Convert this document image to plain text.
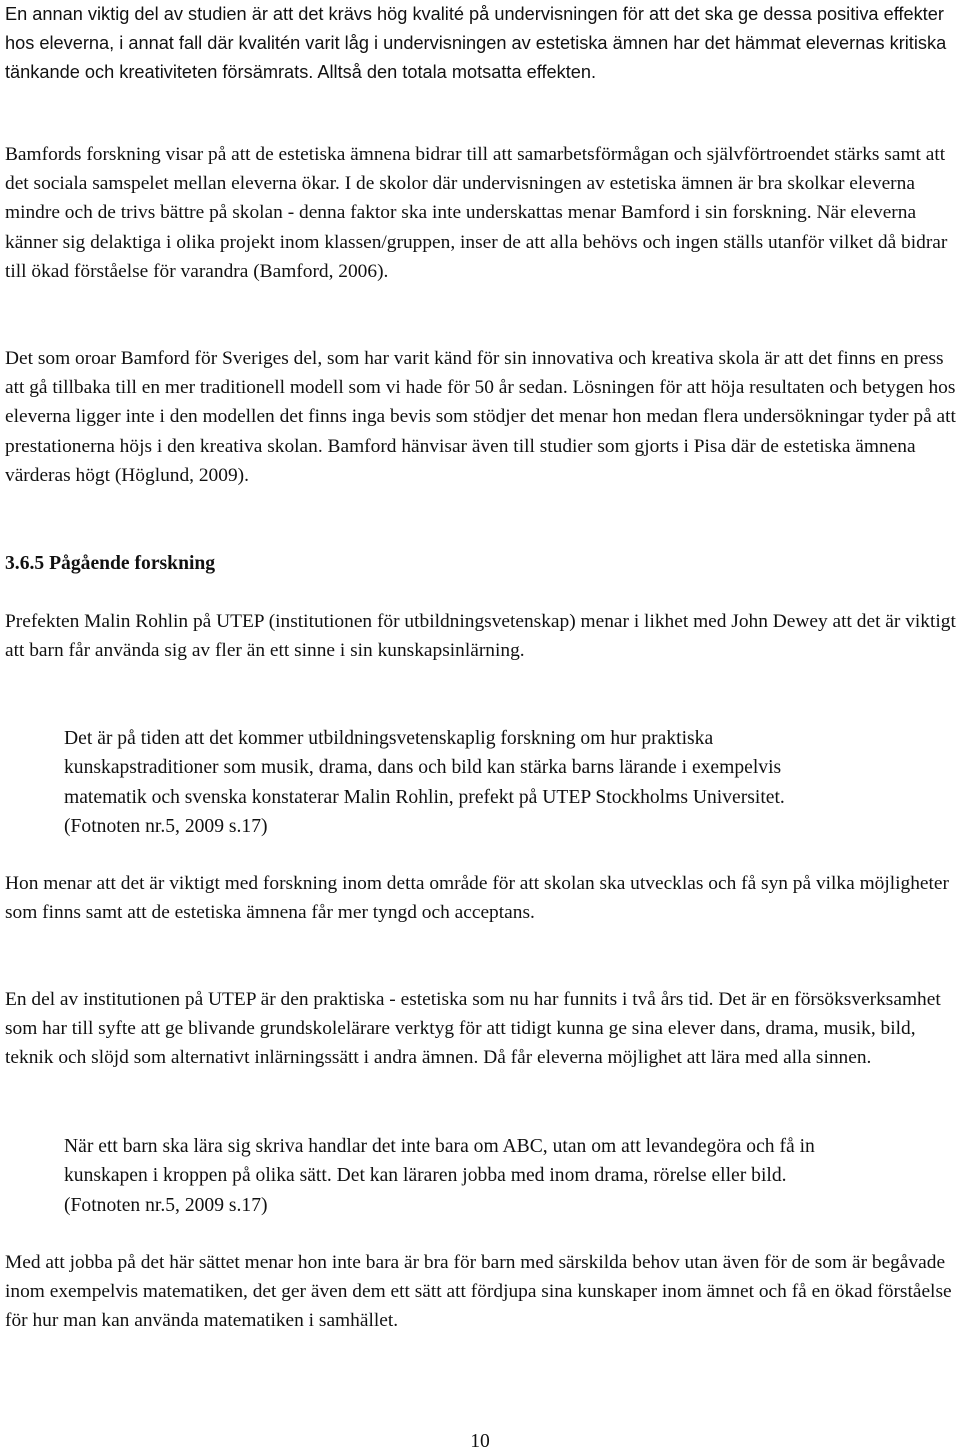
En annan viktig del av studien är att det krävs hög kvalité på undervisningen för att det ska ge dessa positiva effekter hos eleverna, i annat fall där kvalitén varit låg i undervisningen av estetiska ämnen har det hämmat elevernas kritiska tänkande och kreativiteten försämrats. Alltså den totala motsatta effekten.

Bamfords forskning visar på att de estetiska ämnena bidrar till att samarbetsförmågan och självförtroendet stärks samt att det sociala samspelet mellan eleverna ökar. I de skolor där undervisningen av estetiska ämnen är bra skolkar eleverna mindre och de trivs bättre på skolan - denna faktor ska inte underskattas menar Bamford i sin forskning. När eleverna känner sig delaktiga i olika projekt inom klassen/gruppen, inser de att alla behövs och ingen ställs utanför vilket då bidrar till ökad förståelse för varandra (Bamford, 2006).

Det som oroar Bamford för Sveriges del, som har varit känd för sin innovativa och kreativa skola är att det finns en press att gå tillbaka till en mer traditionell modell som vi hade för 50 år sedan. Lösningen för att höja resultaten och betygen hos eleverna ligger inte i den modellen det finns inga bevis som stödjer det menar hon medan flera undersökningar tyder på att prestationerna höjs i den kreativa skolan. Bamford hänvisar även till studier som gjorts i Pisa där de estetiska ämnena värderas högt (Höglund, 2009).

3.6.5 Pågående forskning

Prefekten Malin Rohlin på UTEP (institutionen för utbildningsvetenskap) menar i likhet med John Dewey att det är viktigt att barn får använda sig av fler än ett sinne i sin kunskapsinlärning.

Det är på tiden att det kommer utbildningsvetenskaplig forskning om hur praktiska kunskapstraditioner som musik, drama, dans och bild kan stärka barns lärande i exempelvis matematik och svenska konstaterar Malin Rohlin, prefekt på UTEP Stockholms Universitet. (Fotnoten nr.5, 2009 s.17)

Hon menar att det är viktigt med forskning inom detta område för att skolan ska utvecklas och få syn på vilka möjligheter som finns samt att de estetiska ämnena får mer tyngd och acceptans.

En del av institutionen på UTEP är den praktiska - estetiska som nu har funnits i två års tid. Det är en försöksverksamhet som har till syfte att ge blivande grundskolelärare verktyg för att tidigt kunna ge sina elever dans, drama, musik, bild, teknik och slöjd som alternativt inlärningssätt i andra ämnen. Då får eleverna möjlighet att lära med alla sinnen.

När ett barn ska lära sig skriva handlar det inte bara om ABC, utan om att levandegöra och få in kunskapen i kroppen på olika sätt. Det kan läraren jobba med inom drama, rörelse eller bild. (Fotnoten nr.5, 2009 s.17)

Med att jobba på det här sättet menar hon inte bara är bra för barn med särskilda behov utan även för de som är begåvade inom exempelvis matematiken, det ger även dem ett sätt att fördjupa sina kunskaper inom ämnet och få en ökad förståelse för hur man kan använda matematiken i samhället.

10
